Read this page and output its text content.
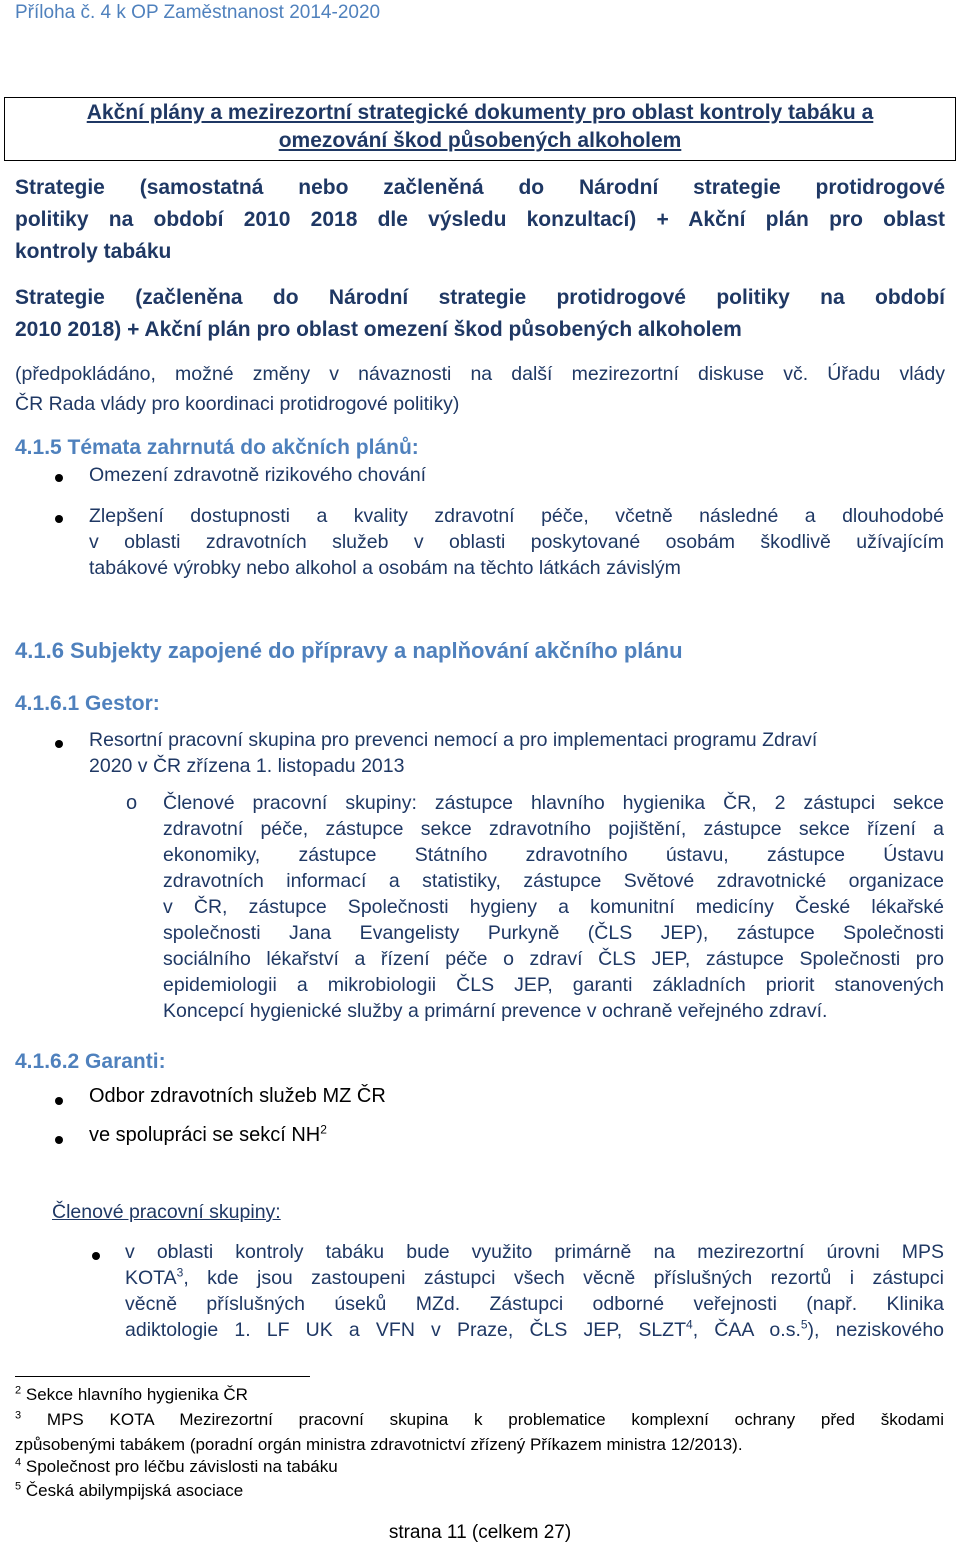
Příloha č. 4 k OP Zaměstnanost 2014-2020
Akční plány a mezirezortní strategické dokumenty pro oblast kontroly tabáku a
omezování škod působených alkoholem
Strategie (samostatná nebo začleněná do Národní strategie protidrogové
politiky na období 2010 2018 dle výsledu konzultací) + Akční plán pro oblast
kontroly tabáku
Strategie (začleněna do Národní strategie protidrogové politiky na období
2010 2018) + Akční plán pro oblast omezení škod působených alkoholem
(předpokládáno, možné změny v návaznosti na další mezirezortní diskuse vč. Úřadu vlády
ČR Rada vlády pro koordinaci protidrogové politiky)
4.1.5 Témata zahrnutá do akčních plánů:
Omezení zdravotně rizikového chování
Zlepšení dostupnosti a kvality zdravotní péče, včetně následné a dlouhodobé
v oblasti zdravotních služeb v oblasti poskytované osobám škodlivě užívajícím
tabákové výrobky nebo alkohol a osobám na těchto látkách závislým
4.1.6 Subjekty zapojené do přípravy a naplňování akčního plánu
4.1.6.1 Gestor:
Resortní pracovní skupina pro prevenci nemocí a pro implementaci programu Zdraví
2020 v ČR zřízena 1. listopadu 2013
o Členové pracovní skupiny: zástupce hlavního hygienika ČR, 2 zástupci sekce
zdravotní péče, zástupce sekce zdravotního pojištění, zástupce sekce řízení a
ekonomiky, zástupce Státního zdravotního ústavu, zástupce Ústavu
zdravotních informací a statistiky, zástupce Světové zdravotnické organizace
v ČR, zástupce Společnosti hygieny a komunitní medicíny České lékařské
společnosti Jana Evangelisty Purkyně (ČLS JEP), zástupce Společnosti
sociálního lékařství a řízení péče o zdraví ČLS JEP, zástupce Společnosti pro
epidemiologii a mikrobiologii ČLS JEP, garanti základních priorit stanovených
Koncepcí hygienické služby a primární prevence v ochraně veřejného zdraví.
4.1.6.2 Garanti:
Odbor zdravotních služeb MZ ČR
ve spolupráci se sekcí $NH^2$
Členové pracovní skupiny:
v oblasti kontroly tabáku bude využito primárně na mezirezortní úrovni MPS
KOTA$^3$, kde jsou zastoupeni zástupci všech věcně příslušných rezortů i zástupci
věcně příslušných úseků MZd. Zástupci odborné veřejnosti (např. Klinika
adiktologie 1. LF UK a VFN v Praze, ČLS JEP, SLZT$^4$, ČAA o.s.$^5$), neziskového
$^2$ Sekce hlavního hygienika ČR
$^3$ MPS KOTA Mezirezortní pracovní skupina k problematice komplexní ochrany před škodami
způsobenými tabákem (poradní orgán ministra zdravotnictví zřízený Příkazem ministra 12/2013).
$^4$ Společnost pro léčbu závislosti na tabáku
$^5$ Česká abilympijská asociace
strana 11 (celkem 27)
